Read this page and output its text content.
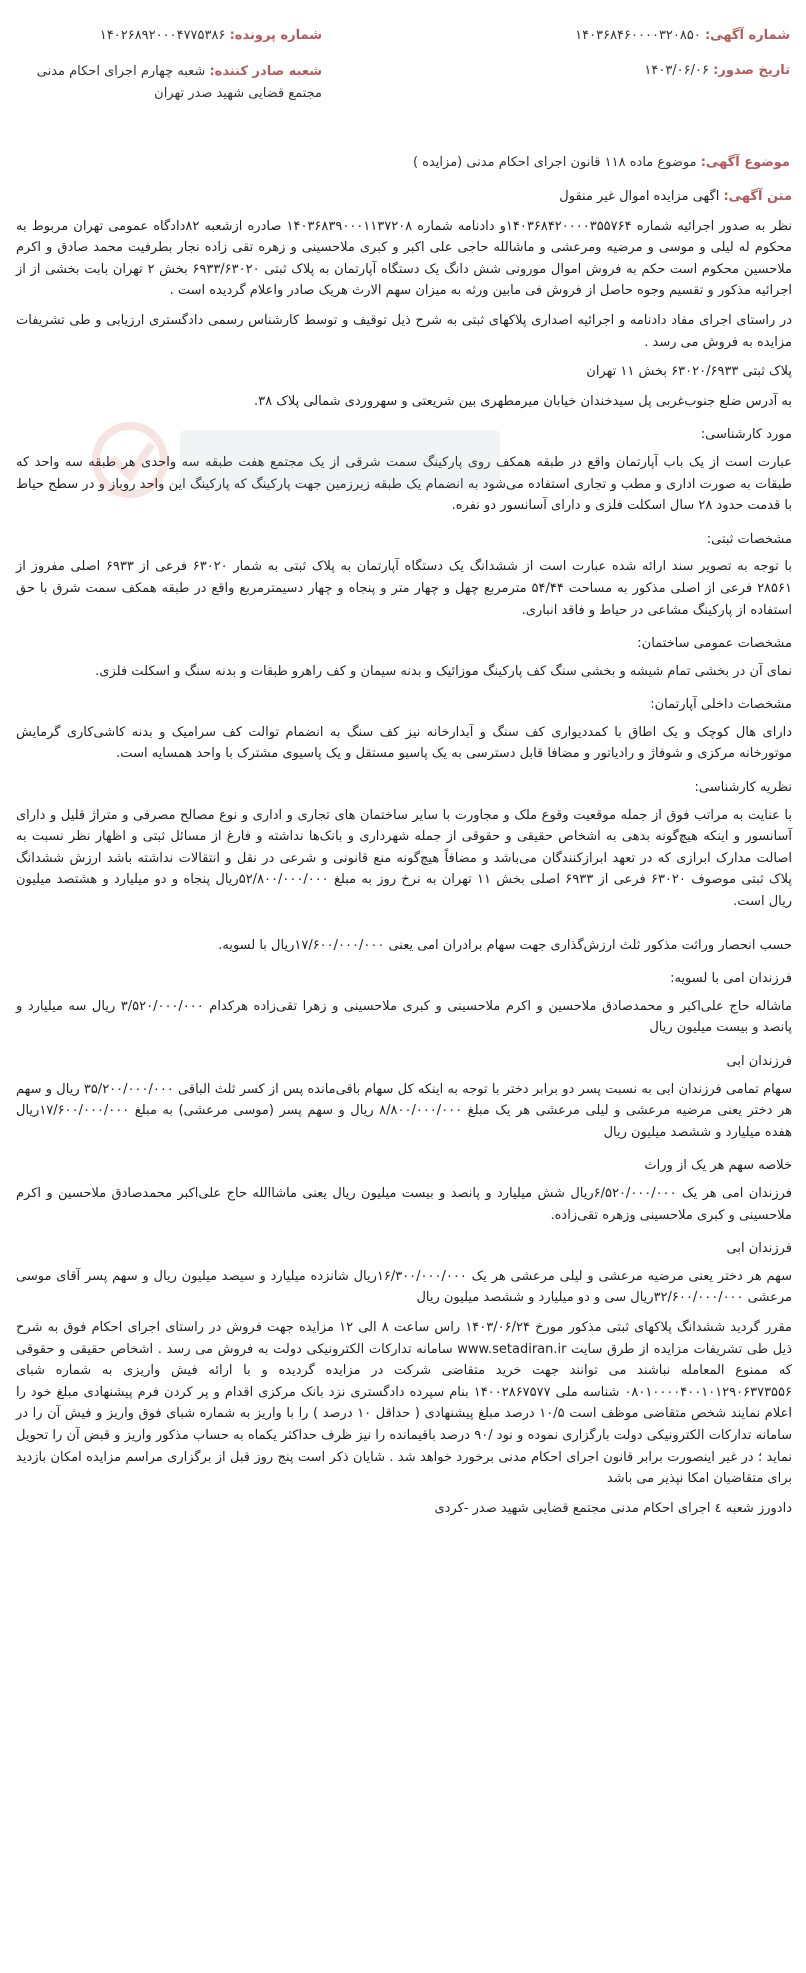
شماره آگهی: ۱۴۰۳۶۸۴۶۰۰۰۰۳۲۰۸۵۰
تاریخ صدور: ۱۴۰۳/۰۶/۰۶
شماره پرونده: ۱۴۰۲۶۸۹۲۰۰۰۴۷۷۵۳۸۶
شعبه صادر کننده: شعبه چهارم اجرای احکام مدنی مجتمع قضایی شهید صدر تهران
موضوع آگهی: موضوع ماده ۱۱۸ قانون اجرای احکام مدنی (مزایده )

متن آگهی: اگهی مزایده اموال غیر منقول

نظر به صدور اجرائیه شماره ۱۴۰۳۶۸۴۲۰۰۰۰۳۵۵۷۶۴و دادنامه شماره ۱۴۰۳۶۸۳۹۰۰۰۱۱۳۷۲۰۸ صادره ازشعبه ۸۲دادگاه عمومی تهران مربوط به محکوم له لیلی و موسی و مرضیه ومرعشی و ماشالله حاجی علی اکبر و کبری ملاحسینی و زهره تقی زاده نجار بطرفیت محمد صادق و اکرم ملاحسین محکوم است حکم به فروش اموال مورونی شش دانگ یک دستگاه آپارتمان به پلاک ثبتی ۶۹۳۳/۶۳۰۲۰ بخش ۲ تهران بابت بخشی از از اجرائیه مذکور و تقسیم وجوه حاصل از فروش فی مابین ورثه به میزان سهم الارث هریک صادر واعلام گردیده است .

در راستای اجرای مفاد دادنامه و اجرائیه اصداری پلاکهای ثبتی به شرح ذیل توقیف و توسط کارشناس رسمی دادگستری ارزیابی و طی تشریفات مزایده به فروش می رسد .

پلاک ثبتی ۶۳۰۲۰/۶۹۳۳ بخش ۱۱ تهران

به آدرس ضلع جنوب‌غربی پل سیدخندان خیابان میرمطهری بین شریعتی و سهروردی شمالی پلاک ۳۸.

مورد کارشناسی:

عبارت است از یک باب آپارتمان واقع در طبقه همکف روی پارکینگ سمت شرقی از یک مجتمع هفت طبقه سه واحدی هر طبقه سه واحد که طبقات به صورت اداری و مطب و تجاری استفاده می‌شود به انضمام یک طبقه زیرزمین جهت پارکینگ که پارکینگ این واحد روباز و در سطح حیاط با قدمت حدود ۲۸ سال اسکلت فلزی و دارای آسانسور دو نفره.

مشخصات ثبتی:

با توجه به تصویر سند ارائه شده عبارت است از ششدانگ یک دستگاه آپارتمان به پلاک ثبتی به شمار ۶۳۰۲۰ فرعی از ۶۹۳۳ اصلی مفروز از ۲۸۵۶۱ فرعی از اصلی مذکور به مساحت ۵۴/۴۴ مترمربع چهل و چهار متر و پنجاه و چهار دسیمترمربع واقع در طبقه همکف سمت شرق با حق استفاده از پارکینگ مشاعی در حیاط و فاقد انباری.

مشخصات عمومی ساختمان:

نمای آن در بخشی تمام شیشه و بخشی سنگ کف پارکینگ موزائیک و بدنه سیمان و کف راهرو طبقات و بدنه سنگ و اسکلت فلزی.

مشخصات داخلی آپارتمان:

دارای هال کوچک و یک اطاق با کمددیواری کف سنگ و آبدارخانه نیز کف سنگ به انضمام توالت کف سرامیک و بدنه کاشی‌کاری گرمایش موتورخانه مرکزی و شوفاژ و رادیاتور و مضافا قابل دسترسی به یک پاسیو مستقل و یک پاسیوی مشترک با واحد همسایه است.

نظریه کارشناسی:

با عنایت به مراتب فوق از جمله موقعیت وقوع ملک و مجاورت با سایر ساختمان های تجاری و اداری و نوع مصالح مصرفی و متراژ قلیل و دارای آسانسور و اینکه هیچ‌گونه بدهی به اشخاص حقیقی و حقوقی از جمله شهرداری و بانک‌ها نداشته و فارغ از مسائل ثبتی و اظهار نظر نسبت به اصالت مدارک ابرازی که در تعهد ابرازکنندگان می‌باشد و مضافاً هیچ‌گونه منع قانونی و شرعی در نقل و انتقالات نداشته باشد ارزش ششدانگ پلاک ثبتی موصوف ۶۳۰۲۰ فرعی از ۶۹۳۳ اصلی بخش ۱۱ تهران به نرخ روز به مبلغ ۵۲/۸۰۰/۰۰۰/۰۰۰ریال پنجاه و دو میلیارد و هشتصد میلیون ریال است.

حسب انحصار وراثت مذکور ثلث ارزش‌گذاری جهت سهام برادران امی یعنی ۱۷/۶۰۰/۰۰۰/۰۰۰ریال با لسویه.

فرزندان امی با لسویه:

ماشاله حاج علی‌اکبر و محمدصادق ملاحسین و اکرم ملاحسینی و کبری ملاحسینی و زهرا تقی‌زاده هرکدام ۳/۵۲۰/۰۰۰/۰۰۰ ریال سه میلیارد و پانصد و بیست میلیون ریال

فرزندان ابی

سهام تمامی فرزندان ابی به نسبت پسر دو برابر دختر با توجه به اینکه کل سهام باقی‌مانده پس از کسر ثلث الباقی ۳۵/۲۰۰/۰۰۰/۰۰۰ ریال و سهم هر دختر یعنی مرضیه مرعشی و لیلی مرعشی هر یک مبلغ ۸/۸۰۰/۰۰۰/۰۰۰ ریال و سهم پسر (موسی مرعشی) به مبلغ ۱۷/۶۰۰/۰۰۰/۰۰۰ریال هفده میلیارد و ششصد میلیون ریال

خلاصه سهم هر یک از وراث

فرزندان امی هر یک ۶/۵۲۰/۰۰۰/۰۰۰ریال شش میلیارد و پانصد و بیست میلیون ریال یعنی ماشاالله حاج علی‌اکبر محمدصادق ملاحسین و اکرم ملاحسینی و کبری ملاحسینی وزهره تقی‌زاده.

فرزندان ابی

سهم هر دختر یعنی مرضیه مرعشی و لیلی مرعشی هر یک ۱۶/۳۰۰/۰۰۰/۰۰۰ریال شانزده میلیارد و سیصد میلیون ریال و سهم پسر آقای موسی مرعشی ۳۲/۶۰۰/۰۰۰/۰۰۰ریال سی و دو میلیارد و ششصد میلیون ریال

مقرر گردید ششدانگ پلاکهای ثبتی مذکور مورخ ۱۴۰۳/۰۶/۲۴ راس ساعت ۸ الی ۱۲ مزایده جهت فروش در راستای اجرای احکام فوق به شرح ذیل طی تشریفات مزایده از طرق سایت www.setadiran.ir سامانه تدارکات الکترونیکی دولت به فروش می رسد . اشخاص حقیقی و حقوقی که ممنوع المعامله نباشند می توانند جهت خرید متقاضی شرکت در مزایده گردیده و با ارائه فیش واریزی به شماره شبای ۰۸۰۱۰۰۰۰۴۰۰۱۰۱۲۹۰۶۳۷۳۵۵۶ شناسه ملی ۱۴۰۰۲۸۶۷۵۷۷ بنام سپرده دادگستری نزد بانک مرکزی اقدام و پر کردن فرم پیشنهادی مبلغ خود را اعلام نمایند شخص متقاضی موظف است ۱۰/۵ درصد مبلغ پیشنهادی ( حداقل ۱۰ درصد ) را با واریز به شماره شبای فوق واریز و فیش آن را در سامانه تدارکات الکترونیکی دولت بارگزاری نموده و نود /۹۰ درصد باقیمانده را نیز ظرف حداکثر یکماه به حساب مذکور واریز و قبض آن را تحویل نماید ؛ در غیر اینصورت برابر قانون اجرای احکام مدنی برخورد خواهد شد . شایان ذکر است پنج روز قبل از برگزاری مراسم مزایده امکان بازدید برای متقاضیان امکا نپذیر می باشد

دادورز شعبه ٤ اجرای احکام مدنی مجتمع قضایی شهید صدر -کردی
